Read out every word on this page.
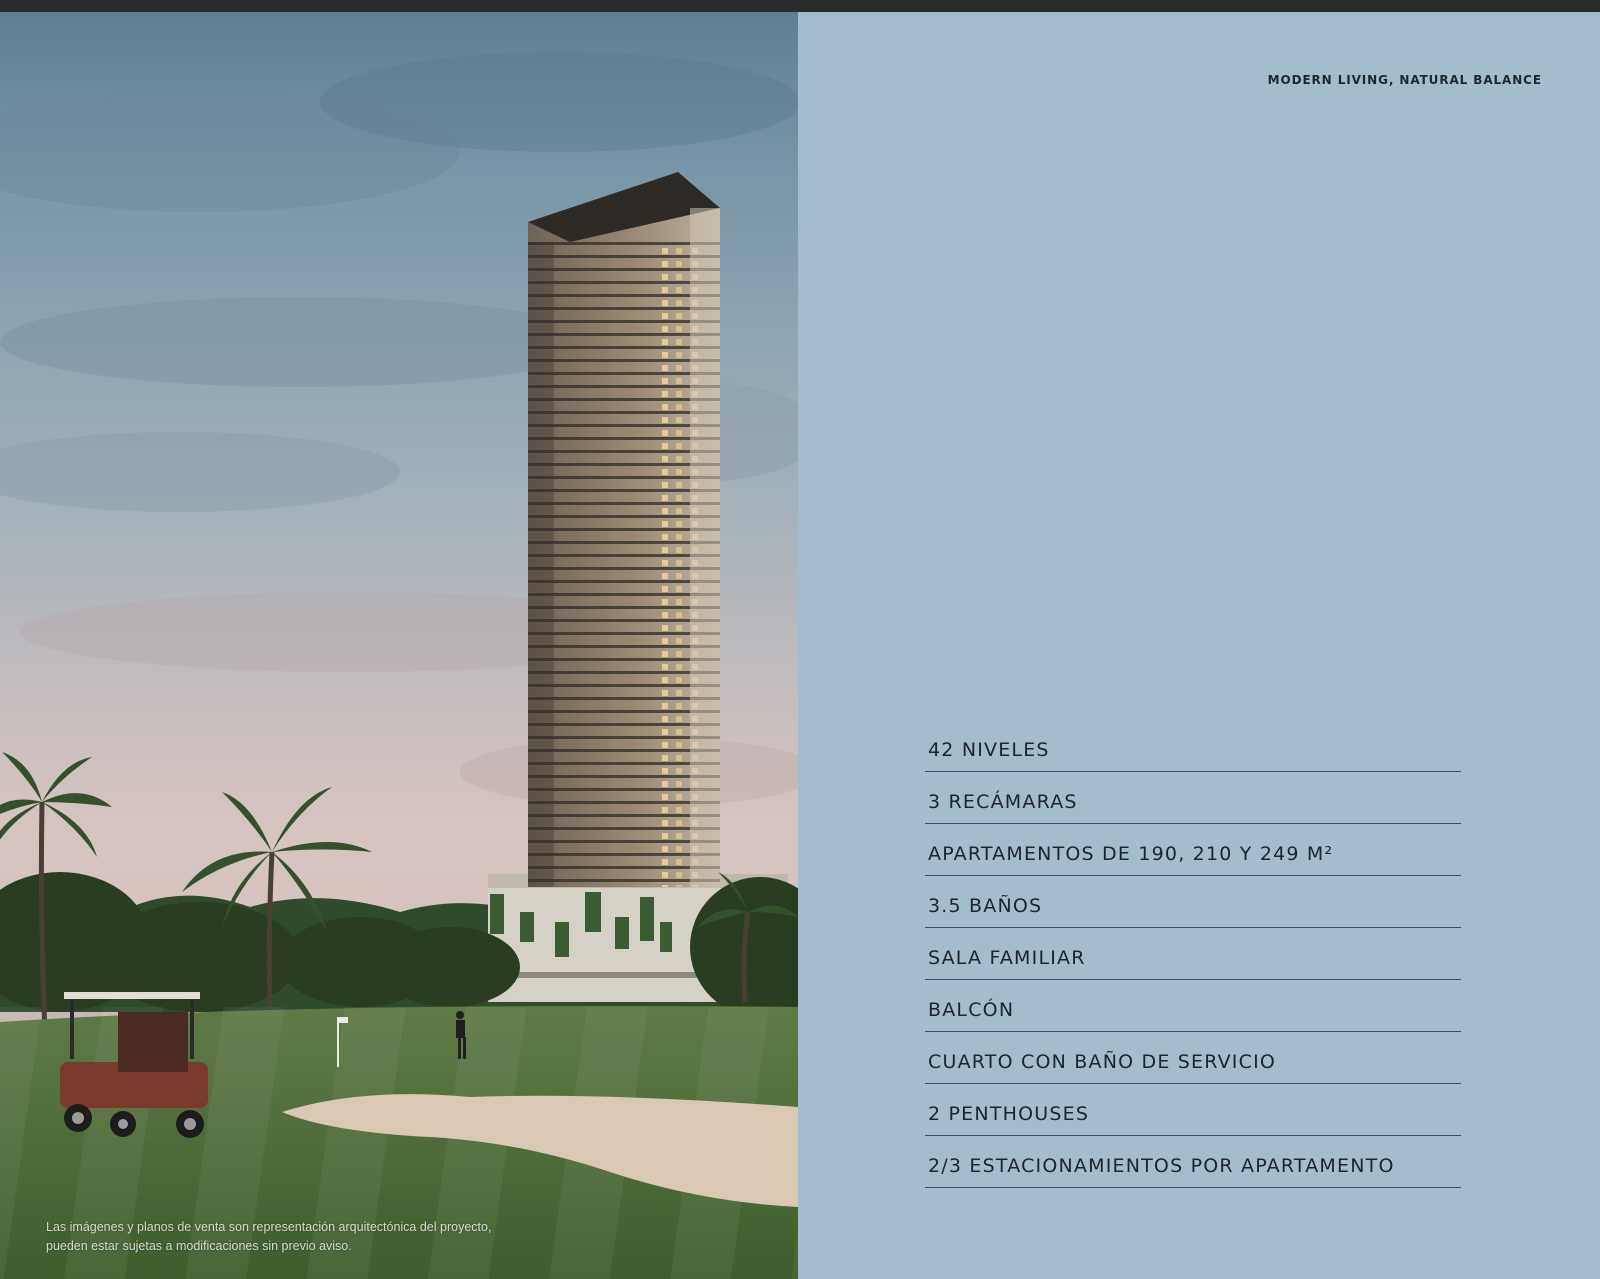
Las imágenes y planos de venta son representación arquitectónica del proyecto,
pueden estar sujetas a modificaciones sin previo aviso.
MODERN LIVING, NATURAL BALANCE
42 NIVELES
3 RECÁMARAS
APARTAMENTOS DE 190, 210 Y 249 M²
3.5 BAÑOS
SALA FAMILIAR
BALCÓN
CUARTO CON BAÑO DE SERVICIO
2 PENTHOUSES
2/3 ESTACIONAMIENTOS POR APARTAMENTO
